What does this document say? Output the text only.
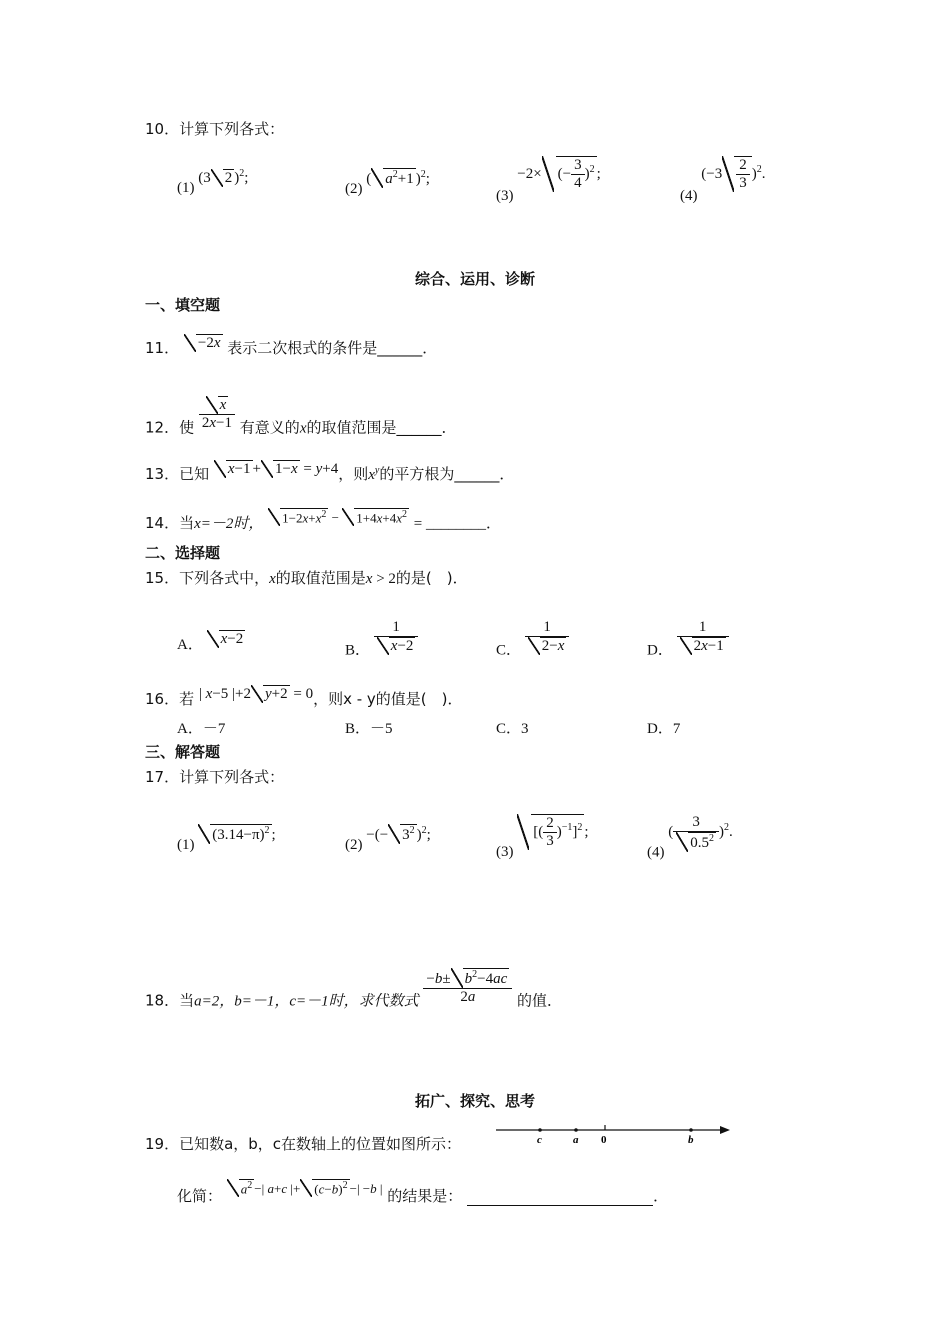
10．计算下列各式：
(1) (3 2 )$^2$;
(2) ( $a^2+1$ )$^2$;
(3) −2× (− $\frac{3}{4} )^2$ ;
(4) $(-3 \frac{2}{3} )^2$.
综合、运用、诊断
一、填空题
11． −2x 表示二次根式的条件是______．
12．使 $\frac{x}{2x-1}$ 有意义的x的取值范围是______．
13．已知 x−1 + 1−x = y+4，则$x^y$的平方根为______．
14．当x=－2时， $1-2x+x^2 - 1+4x+4x^2$ = ________．
二、选择题
15．下列各式中，x的取值范围是x > 2的是(　)．
A． x−2
B． $\frac{1}{x-2}$	C． $\frac{1}{2-x}$	D． $\frac{1}{2x-1}$
16．若 | x−5 |+2 y+2 = 0，则x - y的值是(　)．
A．－7	B．－5	C．3	D．7
三、解答题
17．计算下列各式：
(1) $(3.14-\pi)^2$ ;
(2) −(− $3^2$ )$^2$;
(3) [( $\frac{2}{3} )^{-1}]^2$ ;
(4) ( $\frac{3}{0.5^2} )^2$.
18．当a=2，b=－1，c=－1时，求代数式 $\frac{-b\pm b^2-4ac}{2a}$ 的值．
拓广、探究、思考
19．已知数a，b，c在数轴上的位置如图所示：	c	a 0	b
化简： $a^2$ −| a+c |+ $(c-b)^2$ −| −b | 的结果是：	．
